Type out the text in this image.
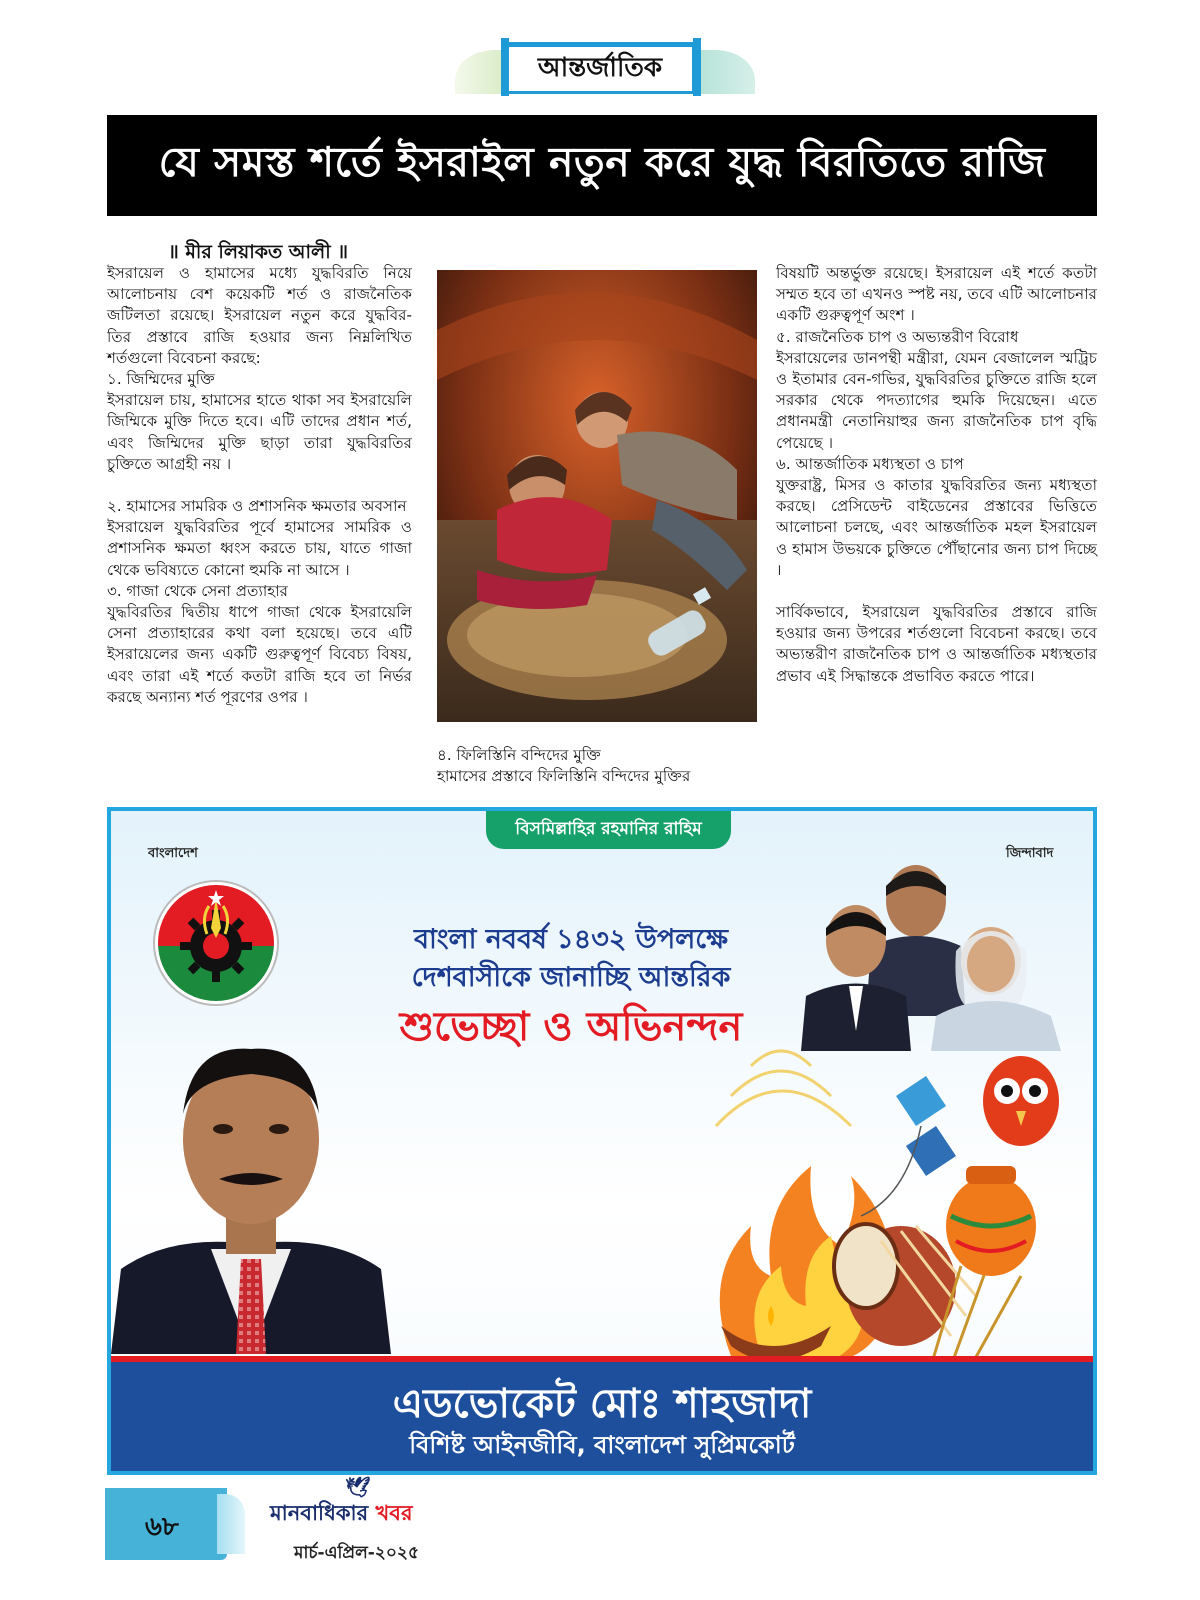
আন্তর্জাতিক
যে সমস্ত শর্তে ইসরাইল নতুন করে যুদ্ধ বিরতিতে রাজি
॥ মীর লিয়াকত আলী ॥

ইসরায়েল ও হামাসের মধ্যে যুদ্ধবিরতি নিয়ে আলোচনায় বেশ কয়েকটি শর্ত ও রাজনৈতিক জটিলতা রয়েছে। ইসরায়েল নতুন করে যুদ্ধবির- তির প্রস্তাবে রাজি হওয়ার জন্য নিম্নলিখিত শর্তগুলো বিবেচনা করছে:

১. জিম্মিদের মুক্তি

ইসরায়েল চায়, হামাসের হাতে থাকা সব ইসরায়েলি জিম্মিকে মুক্তি দিতে হবে। এটি তাদের প্রধান শর্ত, এবং জিম্মিদের মুক্তি ছাড়া তারা যুদ্ধবিরতির চুক্তিতে আগ্রহী নয় ।

২. হামাসের সামরিক ও প্রশাসনিক ক্ষমতার অবসান

ইসরায়েল যুদ্ধবিরতির পূর্বে হামাসের সামরিক ও প্রশাসনিক ক্ষমতা ধ্বংস করতে চায়, যাতে গাজা থেকে ভবিষ্যতে কোনো হুমকি না আসে ।

৩. গাজা থেকে সেনা প্রত্যাহার

যুদ্ধবিরতির দ্বিতীয় ধাপে গাজা থেকে ইসরায়েলি সেনা প্রত্যাহারের কথা বলা হয়েছে। তবে এটি ইসরায়েলের জন্য একটি গুরুত্বপূর্ণ বিবেচ্য বিষয়, এবং তারা এই শর্তে কতটা রাজি হবে তা নির্ভর করছে অন্যান্য শর্ত পূরণের ওপর ।

৪. ফিলিস্তিনি বন্দিদের মুক্তি

হামাসের প্রস্তাবে ফিলিস্তিনি বন্দিদের মুক্তির

বিষয়টি অন্তর্ভুক্ত রয়েছে। ইসরায়েল এই শর্তে কতটা সম্মত হবে তা এখনও স্পষ্ট নয়, তবে এটি আলোচনার একটি গুরুত্বপূর্ণ অংশ ।

৫. রাজনৈতিক চাপ ও অভ্যন্তরীণ বিরোধ

ইসরায়েলের ডানপন্থী মন্ত্রীরা, যেমন বেজালেল স্মট্রিচ ও ইতামার বেন-গভির, যুদ্ধবিরতির চুক্তিতে রাজি হলে সরকার থেকে পদত্যাগের হুমকি দিয়েছেন। এতে প্রধানমন্ত্রী নেতানিয়াহুর জন্য রাজনৈতিক চাপ বৃদ্ধি পেয়েছে ।

৬. আন্তর্জাতিক মধ্যস্থতা ও চাপ

যুক্তরাষ্ট্র, মিসর ও কাতার যুদ্ধবিরতির জন্য মধ্যস্থতা করছে। প্রেসিডেন্ট বাইডেনের প্রস্তাবের ভিত্তিতে আলোচনা চলছে, এবং আন্তর্জাতিক মহল ইসরায়েল ও হামাস উভয়কে চুক্তিতে পৌঁছানোর জন্য চাপ দিচ্ছে ।

সার্বিকভাবে, ইসরায়েল যুদ্ধবিরতির প্রস্তাবে রাজি হওয়ার জন্য উপরের শর্তগুলো বিবেচনা করছে। তবে অভ্যন্তরীণ রাজনৈতিক চাপ ও আন্তর্জাতিক মধ্যস্থতার প্রভাব এই সিদ্ধান্তকে প্রভাবিত করতে পারে।

বিসমিল্লাহির রহমানির রাহিম
বাংলাদেশ	জিন্দাবাদ
বাংলা নববর্ষ ১৪৩২ উপলক্ষে
দেশবাসীকে জানাচ্ছি আন্তরিক
শুভেচ্ছা ও অভিনন্দন
এডভোকেট মোঃ শাহজাদা
বিশিষ্ট আইনজীবি, বাংলাদেশ সুপ্রিমকোর্ট
৬৮
🕊
মানবাধিকার খবর
মার্চ-এপ্রিল-২০২৫
